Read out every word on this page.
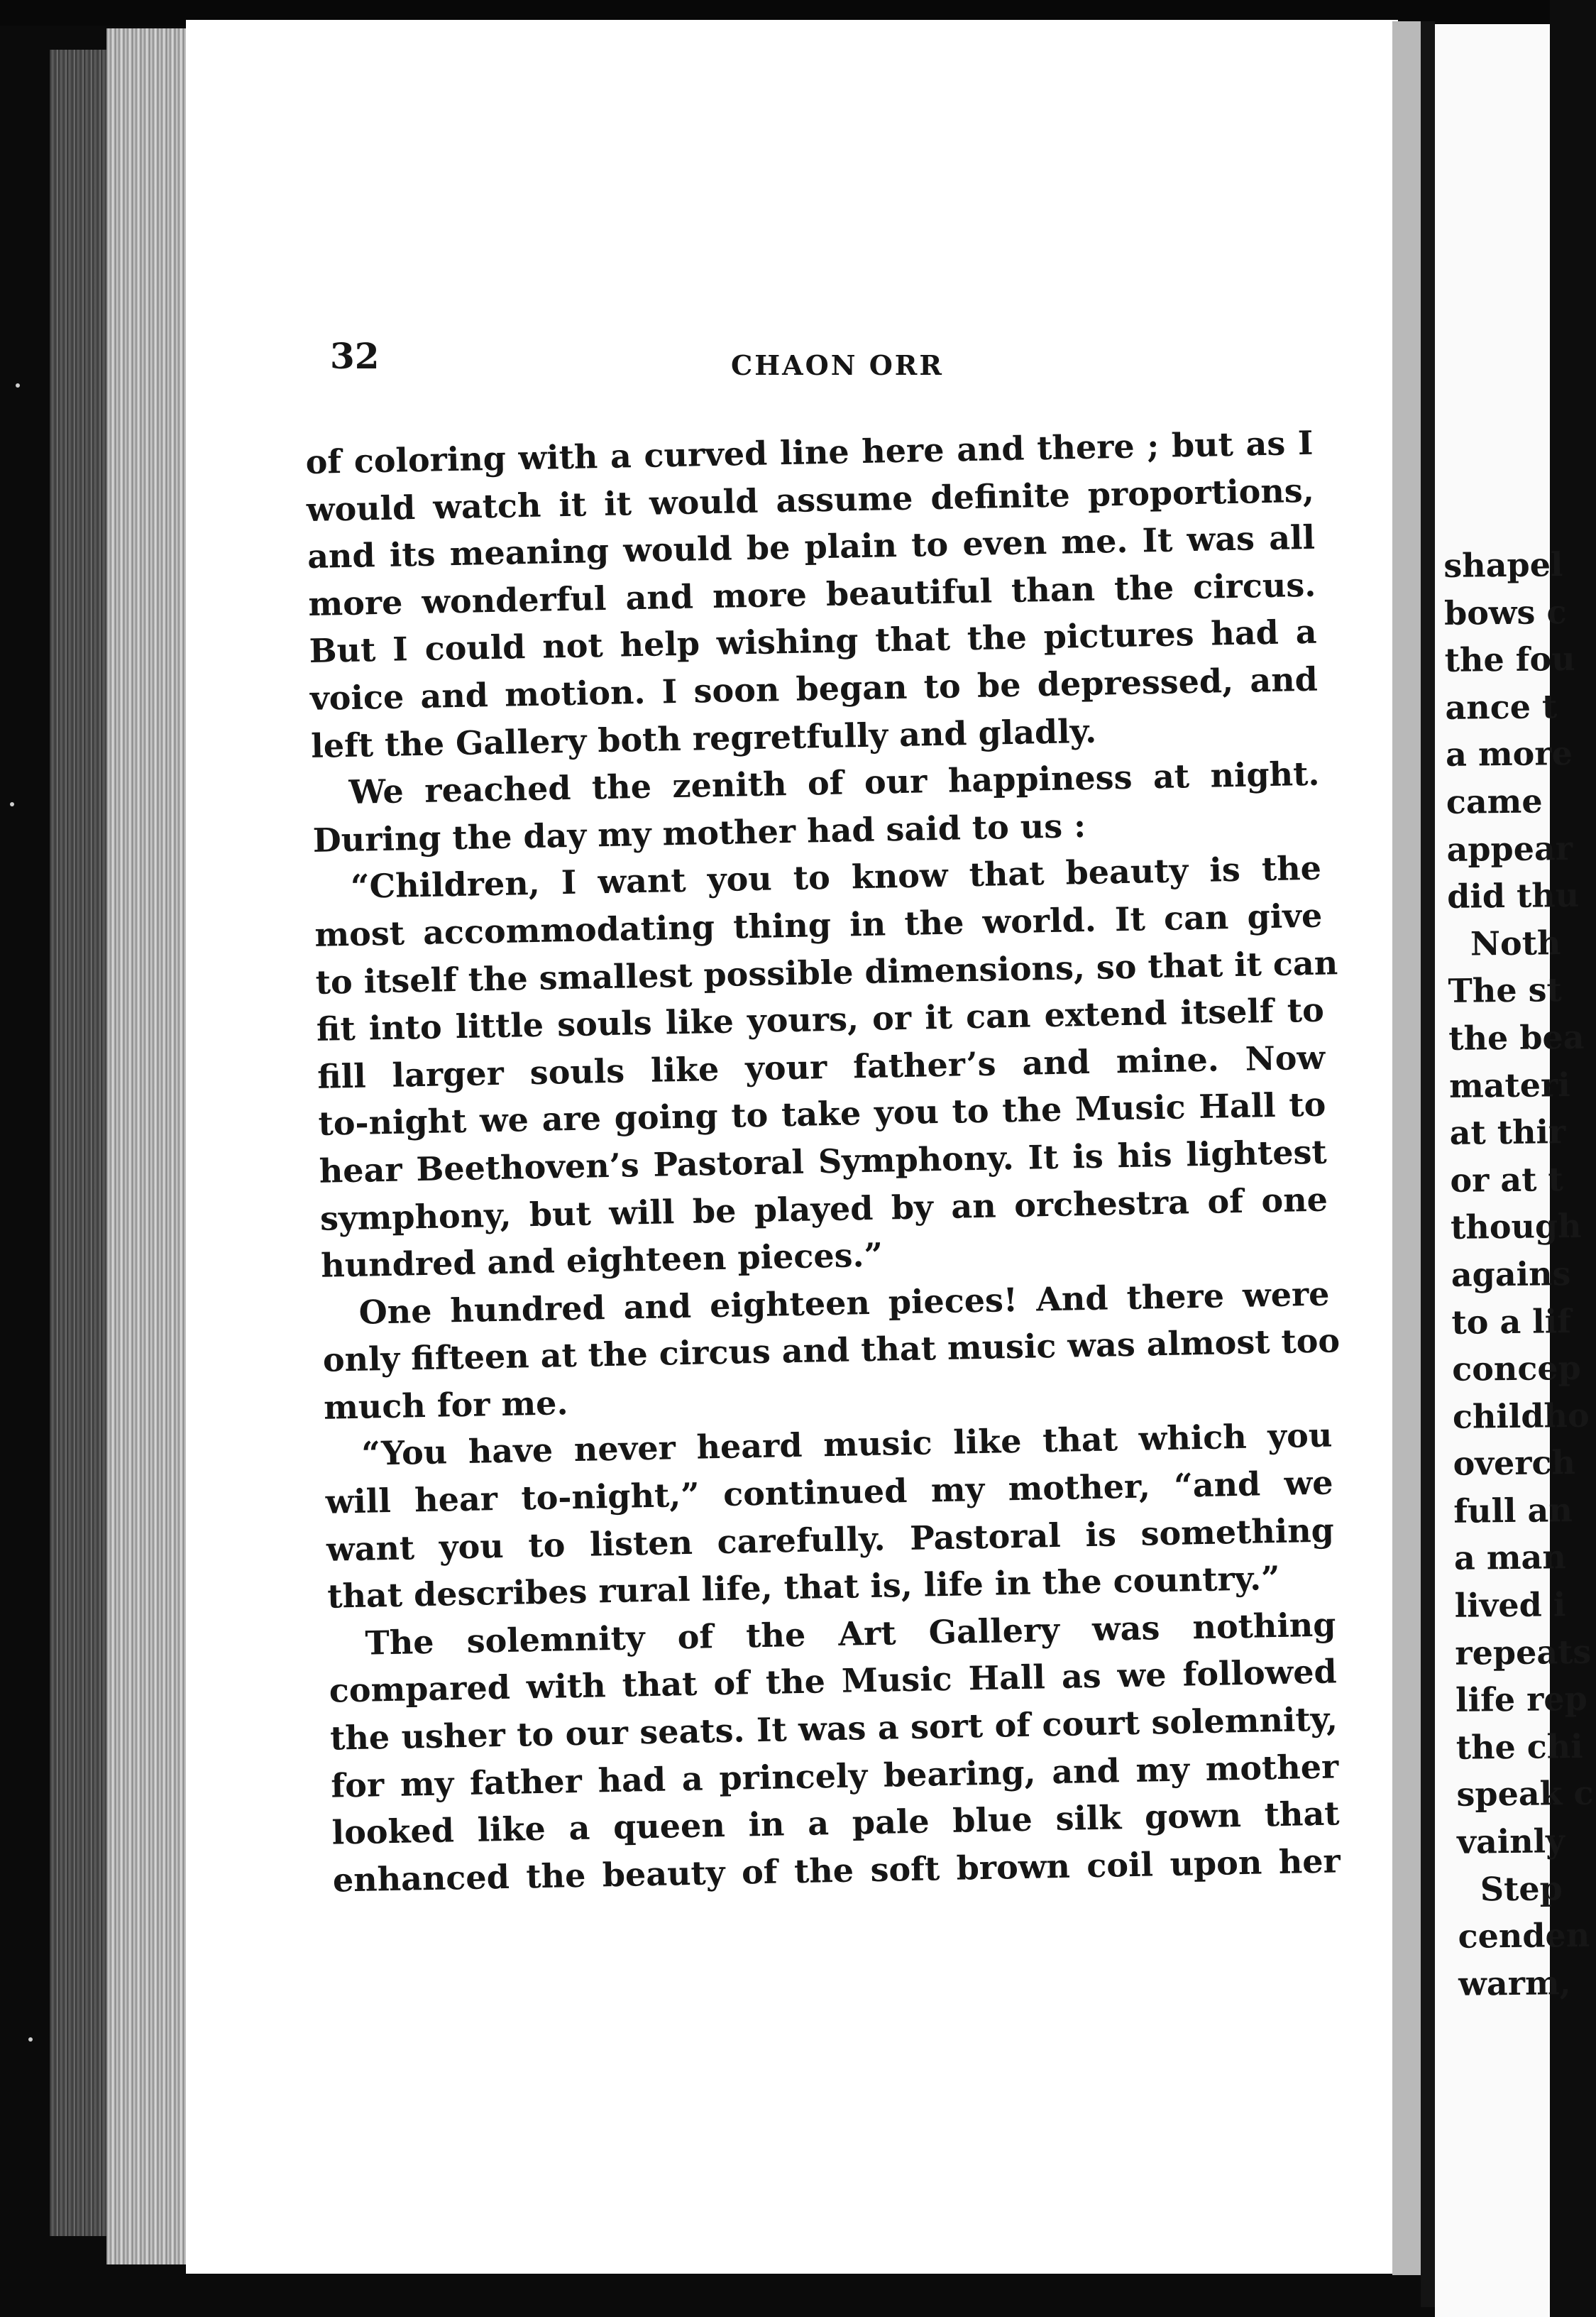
32	CHAON ORR
of coloring with a curved line here and there ; but as I
would watch it it would assume definite proportions,
and its meaning would be plain to even me. It was all
more wonderful and more beautiful than the circus.
But I could not help wishing that the pictures had a
voice and motion. I soon began to be depressed, and
left the Gallery both regretfully and gladly.
We reached the zenith of our happiness at night.
During the day my mother had said to us :
“Children, I want you to know that beauty is the
most accommodating thing in the world. It can give
to itself the smallest possible dimensions, so that it can
fit into little souls like yours, or it can extend itself to
fill larger souls like your father’s and mine. Now
to-night we are going to take you to the Music Hall to
hear Beethoven’s Pastoral Symphony. It is his lightest
symphony, but will be played by an orchestra of one
hundred and eighteen pieces.”
One hundred and eighteen pieces! And there were
only fifteen at the circus and that music was almost too
much for me.
“You have never heard music like that which you
will hear to-night,” continued my mother, “and we
want you to listen carefully. Pastoral is something
that describes rural life, that is, life in the country.”
The solemnity of the Art Gallery was nothing
compared with that of the Music Hall as we followed
the usher to our seats. It was a sort of court solemnity,
for my father had a princely bearing, and my mother
looked like a queen in a pale blue silk gown that
enhanced the beauty of the soft brown coil upon her
shapel
bows c
the fou
ance t
a more
came
appear
did thu
Noth
The st
the bea
materi
at thir
or at t
though
agains
to a lif
concep
childho
overch
full an
a man
lived i
repeats
life rep
the chi
speak c
vainly
Step
cenden
warm,
